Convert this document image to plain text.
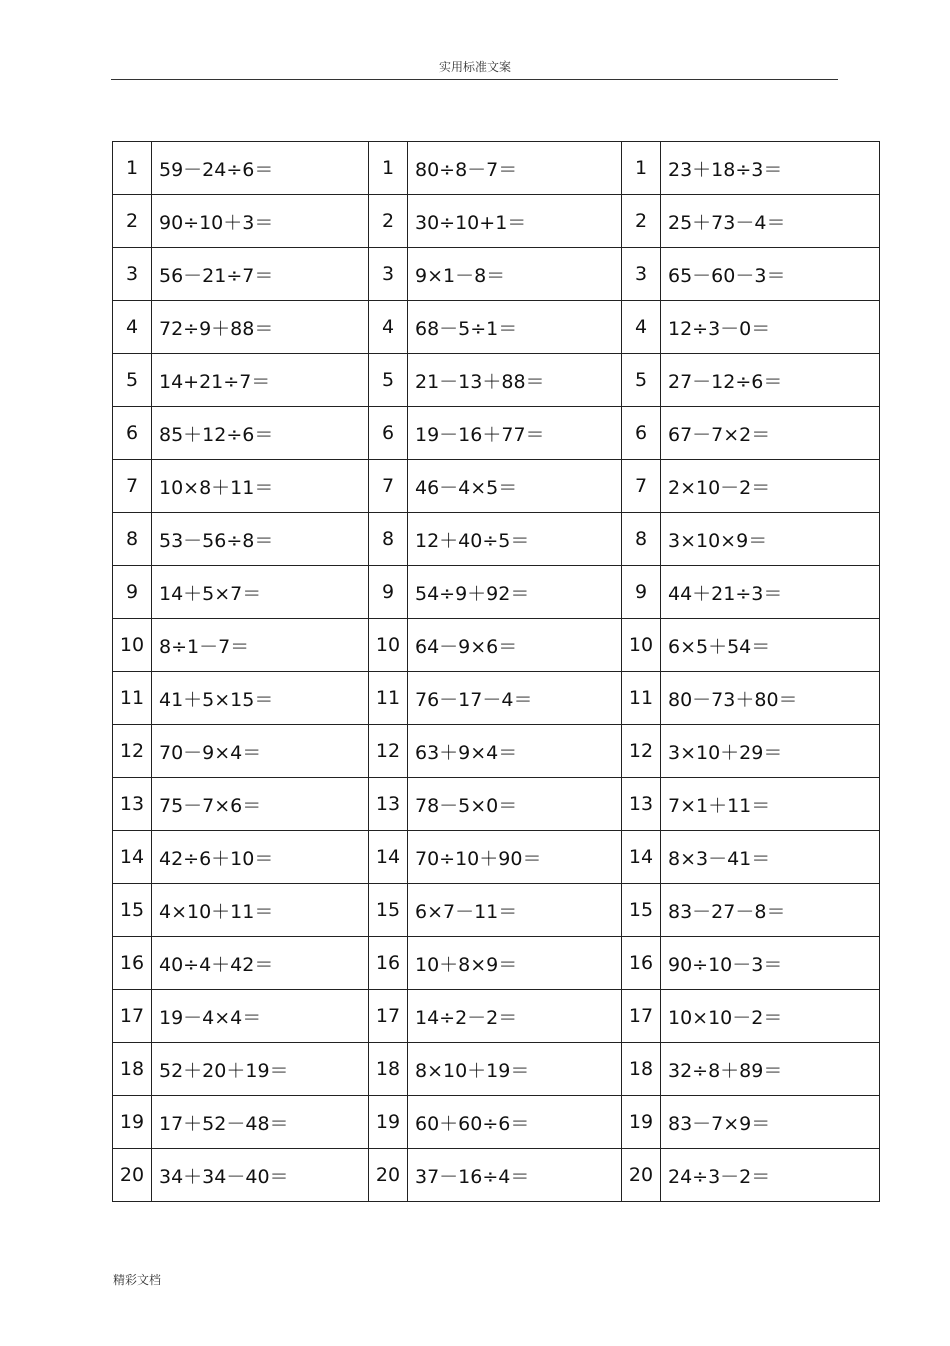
实用标准文案
1	59－24÷6＝	1	80÷8－7＝	1	23＋18÷3＝
2	90÷10＋3＝	2	30÷10+1＝	2	25＋73－4＝
3	56－21÷7＝	3	9×1－8＝	3	65－60－3＝
4	72÷9＋88＝	4	68－5÷1＝	4	12÷3－0＝
5	14+21÷7＝	5	21－13＋88＝	5	27－12÷6＝
6	85＋12÷6＝	6	19－16＋77＝	6	67－7×2＝
7	10×8＋11＝	7	46－4×5＝	7	2×10－2＝
8	53－56÷8＝	8	12＋40÷5＝	8	3×10×9＝
9	14＋5×7＝	9	54÷9＋92＝	9	44＋21÷3＝
10	8÷1－7＝	10	64－9×6＝	10	6×5＋54＝
11	41＋5×15＝	11	76－17－4＝	11	80－73＋80＝
12	70－9×4＝	12	63＋9×4＝	12	3×10＋29＝
13	75－7×6＝	13	78－5×0＝	13	7×1＋11＝
14	42÷6＋10＝	14	70÷10＋90＝	14	8×3－41＝
15	4×10＋11＝	15	6×7－11＝	15	83－27－8＝
16	40÷4＋42＝	16	10＋8×9＝	16	90÷10－3＝
17	19－4×4＝	17	14÷2－2＝	17	10×10－2＝
18	52＋20＋19＝	18	8×10＋19＝	18	32÷8＋89＝
19	17＋52－48＝	19	60＋60÷6＝	19	83－7×9＝
20	34＋34－40＝	20	37－16÷4＝	20	24÷3－2＝
精彩文档
